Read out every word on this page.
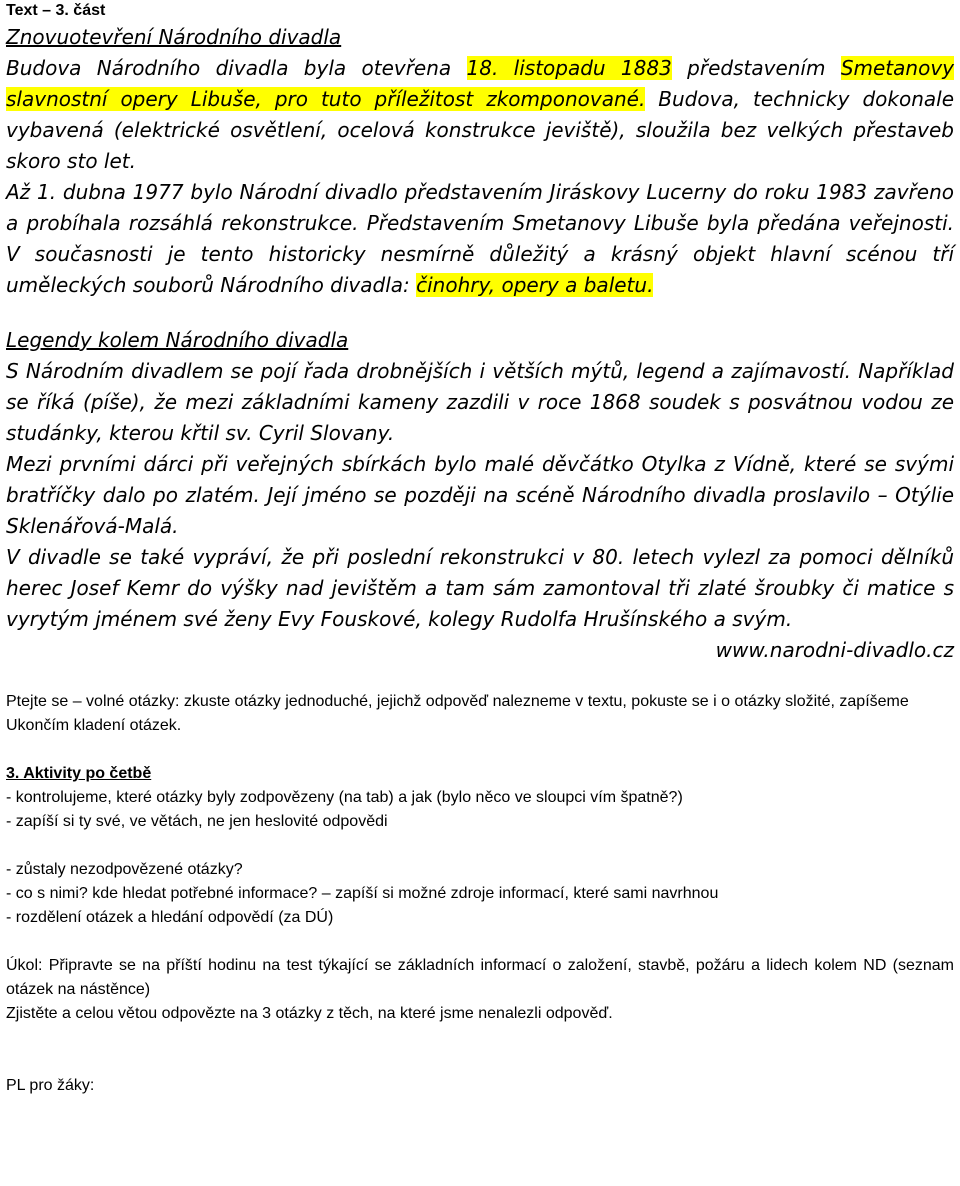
Text – 3. část

Znovuotevření Národního divadla

Budova Národního divadla byla otevřena 18. listopadu 1883 představením Smetanovy slavnostní opery Libuše, pro tuto příležitost zkomponované. Budova, technicky dokonale vybavená (elektrické osvětlení, ocelová konstrukce jeviště), sloužila bez velkých přestaveb skoro sto let.

Až 1. dubna 1977 bylo Národní divadlo představením Jiráskovy Lucerny do roku 1983 zavřeno a probíhala rozsáhlá rekonstrukce. Představením Smetanovy Libuše byla předána veřejnosti. V současnosti je tento historicky nesmírně důležitý a krásný objekt hlavní scénou tří uměleckých souborů Národního divadla: činohry, opery a baletu.

Legendy kolem Národního divadla

S Národním divadlem se pojí řada drobnějších i větších mýtů, legend a zajímavostí. Například se říká (píše), že mezi základními kameny zazdili v roce 1868 soudek s posvátnou vodou ze studánky, kterou křtil sv. Cyril Slovany.

Mezi prvními dárci při veřejných sbírkách bylo malé děvčátko Otylka z Vídně, které se svými bratříčky dalo po zlatém. Její jméno se později na scéně Národního divadla proslavilo – Otýlie Sklenářová-Malá.

V divadle se také vypráví, že při poslední rekonstrukci v 80. letech vylezl za pomoci dělníků herec Josef Kemr do výšky nad jevištěm a tam sám zamontoval tři zlaté šroubky či matice s vyrytým jménem své ženy Evy Fouskové, kolegy Rudolfa Hrušínského a svým.

www.narodni-divadlo.cz

Ptejte se – volné otázky: zkuste otázky jednoduché, jejichž odpověď nalezneme v textu, pokuste se i o otázky složité, zapíšeme

Ukončím kladení otázek.

3. Aktivity po četbě

- kontrolujeme, které otázky byly zodpovězeny (na tab) a jak (bylo něco ve sloupci vím špatně?)

- zapíší si ty své, ve větách, ne jen heslovité odpovědi

- zůstaly nezodpovězené otázky?

- co s nimi? kde hledat potřebné informace? – zapíší si možné zdroje informací, které sami navrhnou

- rozdělení otázek a hledání odpovědí (za DÚ)

Úkol: Připravte se na příští hodinu na test týkající se základních informací o založení, stavbě, požáru a lidech kolem ND (seznam otázek na nástěnce)

Zjistěte a celou větou odpovězte na 3 otázky z těch, na které jsme nenalezli odpověď.

PL pro žáky:
